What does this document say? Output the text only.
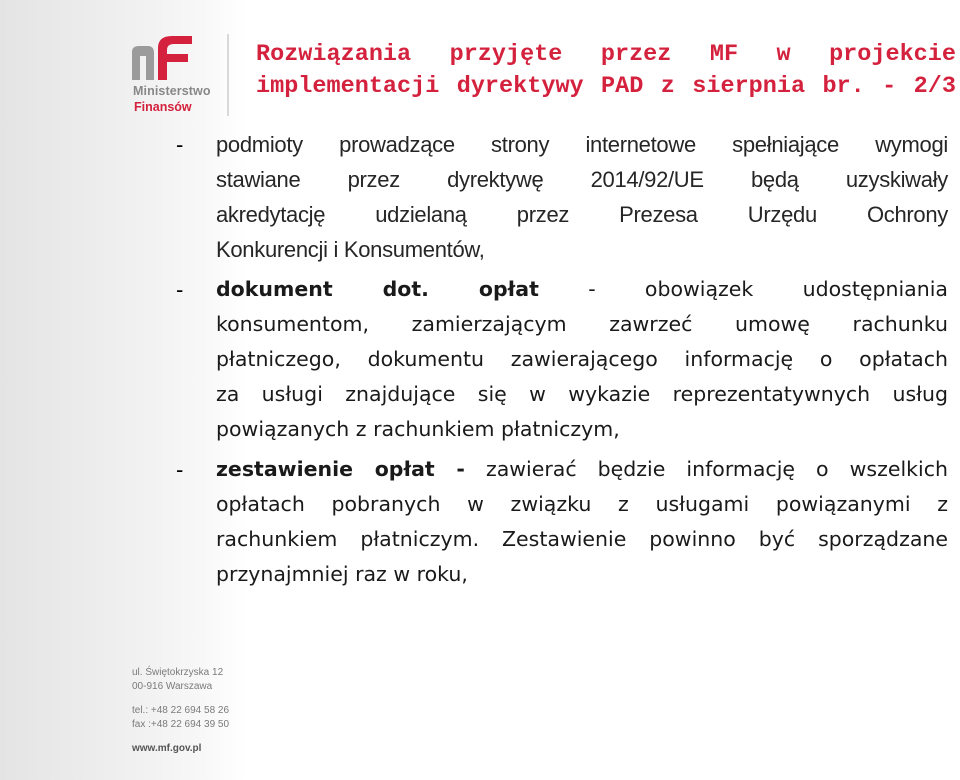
Ministerstwo
Finansów
Rozwiązania przyjęte przez MF w projekcie
implementacji dyrektywy PAD z sierpnia br. - 2/3
- podmioty prowadzące strony internetowe spełniające wymogi
stawiane przez dyrektywę 2014/92/UE będą uzyskiwały
akredytację udzielaną przez Prezesa Urzędu Ochrony
Konkurencji i Konsumentów,
- dokument dot. opłat - obowiązek udostępniania
konsumentom, zamierzającym zawrzeć umowę rachunku
płatniczego, dokumentu zawierającego informację o opłatach
za usługi znajdujące się w wykazie reprezentatywnych usług
powiązanych z rachunkiem płatniczym,
- zestawienie opłat - zawierać będzie informację o wszelkich
opłatach pobranych w związku z usługami powiązanymi z
rachunkiem płatniczym. Zestawienie powinno być sporządzane
przynajmniej raz w roku,
ul. Świętokrzyska 12
00-916 Warszawa
tel.: +48 22 694 58 26
fax :+48 22 694 39 50
www.mf.gov.pl
